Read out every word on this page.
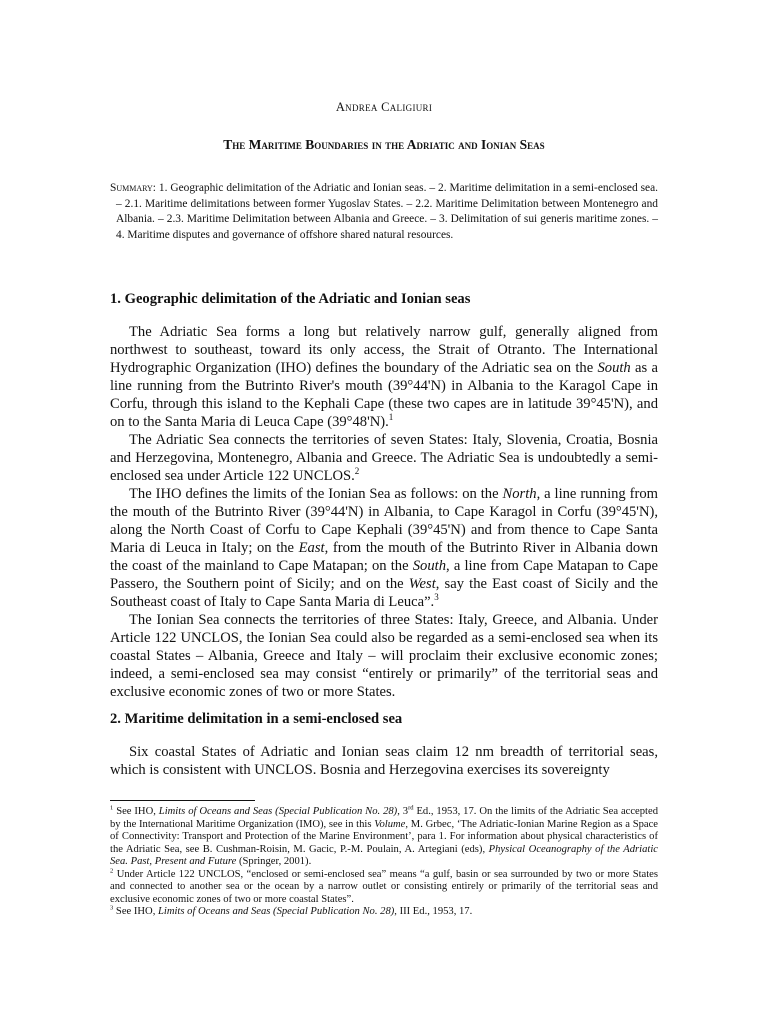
Andrea Caligiuri
The Maritime Boundaries in the Adriatic and Ionian Seas
Summary: 1. Geographic delimitation of the Adriatic and Ionian seas. – 2. Maritime delimitation in a semi-enclosed sea. – 2.1. Maritime delimitations between former Yugoslav States. – 2.2. Maritime Delimitation between Montenegro and Albania. – 2.3. Maritime Delimitation between Albania and Greece. – 3. Delimitation of sui generis maritime zones. – 4. Maritime disputes and governance of offshore shared natural resources.
1. Geographic delimitation of the Adriatic and Ionian seas

The Adriatic Sea forms a long but relatively narrow gulf, generally aligned from northwest to southeast, toward its only access, the Strait of Otranto. The International Hydrographic Organization (IHO) defines the boundary of the Adriatic sea on the South as a line running from the Butrinto River's mouth (39°44'N) in Albania to the Karagol Cape in Corfu, through this island to the Kephali Cape (these two capes are in latitude 39°45'N), and on to the Santa Maria di Leuca Cape (39°48'N).$^1$

The Adriatic Sea connects the territories of seven States: Italy, Slovenia, Croatia, Bosnia and Herzegovina, Montenegro, Albania and Greece. The Adriatic Sea is undoubtedly a semi-enclosed sea under Article 122 UNCLOS.$^2$

The IHO defines the limits of the Ionian Sea as follows: on the North, a line running from the mouth of the Butrinto River (39°44'N) in Albania, to Cape Karagol in Corfu (39°45'N), along the North Coast of Corfu to Cape Kephali (39°45'N) and from thence to Cape Santa Maria di Leuca in Italy; on the East, from the mouth of the Butrinto River in Albania down the coast of the mainland to Cape Matapan; on the South, a line from Cape Matapan to Cape Passero, the Southern point of Sicily; and on the West, say the East coast of Sicily and the Southeast coast of Italy to Cape Santa Maria di Leuca”.$^3$

The Ionian Sea connects the territories of three States: Italy, Greece, and Albania. Under Article 122 UNCLOS, the Ionian Sea could also be regarded as a semi-enclosed sea when its coastal States – Albania, Greece and Italy – will proclaim their exclusive economic zones; indeed, a semi-enclosed sea may consist “entirely or primarily” of the territorial seas and exclusive economic zones of two or more States.

2. Maritime delimitation in a semi-enclosed sea

Six coastal States of Adriatic and Ionian seas claim 12 nm breadth of territorial seas, which is consistent with UNCLOS. Bosnia and Herzegovina exercises its sovereignty

$^1$ See IHO, Limits of Oceans and Seas (Special Publication No. 28), 3rd Ed., 1953, 17. On the limits of the Adriatic Sea accepted by the International Maritime Organization (IMO), see in this Volume, M. Grbec, ‘The Adriatic-Ionian Marine Region as a Space of Connectivity: Transport and Protection of the Marine Environment’, para 1. For information about physical characteristics of the Adriatic Sea, see B. Cushman-Roisin, M. Gacic, P.-M. Poulain, A. Artegiani (eds), Physical Oceanography of the Adriatic Sea. Past, Present and Future (Springer, 2001).

$^2$ Under Article 122 UNCLOS, “enclosed or semi-enclosed sea” means “a gulf, basin or sea surrounded by two or more States and connected to another sea or the ocean by a narrow outlet or consisting entirely or primarily of the territorial seas and exclusive economic zones of two or more coastal States”.

$^3$ See IHO, Limits of Oceans and Seas (Special Publication No. 28), III Ed., 1953, 17.
